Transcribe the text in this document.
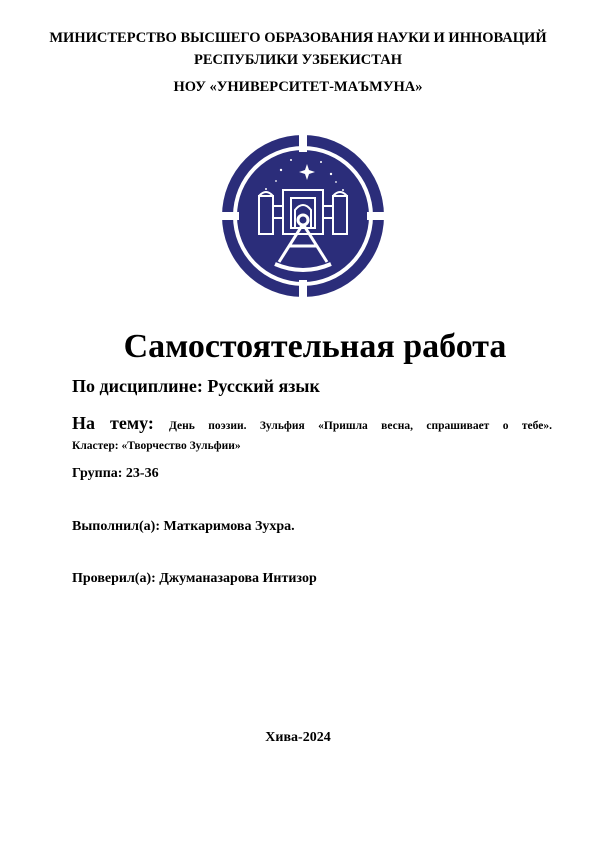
МИНИСТЕРСТВО ВЫСШЕГО ОБРАЗОВАНИЯ НАУКИ И ИННОВАЦИЙ РЕСПУБЛИКИ УЗБЕКИСТАН
НОУ «УНИВЕРСИТЕТ-МАЪМУНА»
Самостоятельная работа
По дисциплине: Русский язык
На тему: День поэзии. Зульфия «Пришла весна, спрашивает о тебе».
Кластер: «Творчество Зульфии»
Группа: 23-36
Выполнил(а): Маткаримова Зухра.
Проверил(а): Джуманазарова Интизор
Хива-2024
